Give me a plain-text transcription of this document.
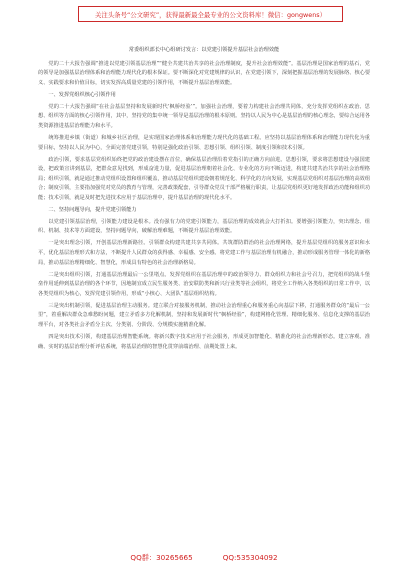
关注头条号“公文研究”，获得最新最全最专业的公文资料库！微信：gongwens）

常委组织部长中心组研讨发言：以党建引领提升基层社会治理效能

党的二十大报告强调“推进以党建引领基层治理”“健全共建共治共享的社会治理制度，提升社会治理效能”。基层治理是国家治理的基石，党的领导是加强基层治理体系和治理能力现代化的根本保证。要不断深化对党建规律的认识，在党建引领下，深刻把握基层治理的发展脉络、核心要义、实践要求和价值目标，切实发挥高质量党建的引领作用，不断提升基层治理效能。

一、发挥党组织核心引领作用

党的二十大报告强调“在社会基层坚持和发展新时代‘枫桥经验’”。加强社会治理，要着力构建社会治理共同体，充分发挥党组织在政治、思想、组织等方面的核心引领作用，其中，坚持党的集中统一领导是基层治理的根本原则。坚持以人民为中心是基层治理的核心理念，要综合运用各类资源推进基层治理能力和水平。

统筹推进乡镇（街道）和城乡社区治理，是实现国家治理体系和治理能力现代化的基础工程。应坚持以基层治理体系和治理能力现代化为重要目标，坚持以人民为中心，全面完善党建引领，特别是强化政治引领、思想引领、组织引领、制度引领和技术引领。

政治引领，要求基层党组织始终把党的政治建设摆在首位，确保基层治理沿着党指引的正确方向前进。思想引领，要求将思想建设与强国建设，把政策宣讲到基层，把群众意见找到，形成奋进力量，促进基层治理朝着社会化、专业化的方向不断迈进，构建共建共治共享的社会治理格局；组织引领，就是通过推动党组织设置和组织覆盖，推动基层党组织建设朝着规范化、科学化的方向发展，实现基层党组织对基层治理的高效组合；制度引领，主要指加强党对党员的教育与管理，完善政策配套，引导群众党员干部严格履行职责，让基层党组织更好地发挥政治功能和组织功能；技术引领，就是及时把先进技术应用于基层治理中，提升基层治理的现代化水平。

二、坚持问题导向，提升党建引领能力

以党建引领基层治理，引领能力建设是根本。没有强有力的党建引领能力，基层治理的成效就会大打折扣。要增强引领能力，突出理念、组织、机制、技术等方面建设，坚持问题导向，破解治理难题，不断提升基层治理效能。

一是突出理念引领，开创基层治理新路径。引领群众构建共建共享共同体。共筑群防群治的社会治理网络，提升基层党组织的服务意识和水平，优化基层治理形式和方法，不断提升人民群众的获得感、幸福感、安全感。将党建工作与基层治理有机融合，推动形成服务管理一体化的新格局，推动基层治理精细化、智慧化，形成具有特色的社会治理新格局。

二是突出组织引领，打通基层治理最后一公里堵点。发挥党组织在基层治理中的政治领导力、群众组织力和社会号召力，把党组织的战斗堡垒作用延伸到基层治理的各个环节，因地制宜成立民生服务类、治安联防类和新兴行业类等社会组织，将党全工作纳入各类组织的日常工作中，以各类党组织为核心，发挥党建引领作用，形成“小核心、大团队”基层组织结构。

三是突出机制引领，促进基层治理主动服务。建立联合对接服务机制，推动社会治理重心和服务重心向基层下移，打通服务群众的“最后一公里”，着重解决群众急难愁盼问题，建立矛盾多方化解机制，坚持和发展新时代“枫桥经验”，构建网格化管理、精细化服务、信息化支撑的基层治理平台，对各类社会矛盾分主次、分类别、分阶段、分规模实施精准化解。

四是突出技术引领，构建基层治理智能系统。将新兴数字技术应用于社会服务，形成更加智能化、精准化的社会治理新形态。建立客观、准确、实时的基层治理分析评估系统，将基层治理的智慧化贯穿前端治理、前期处置上来。

QQ群：30265665	QQ:535304092
